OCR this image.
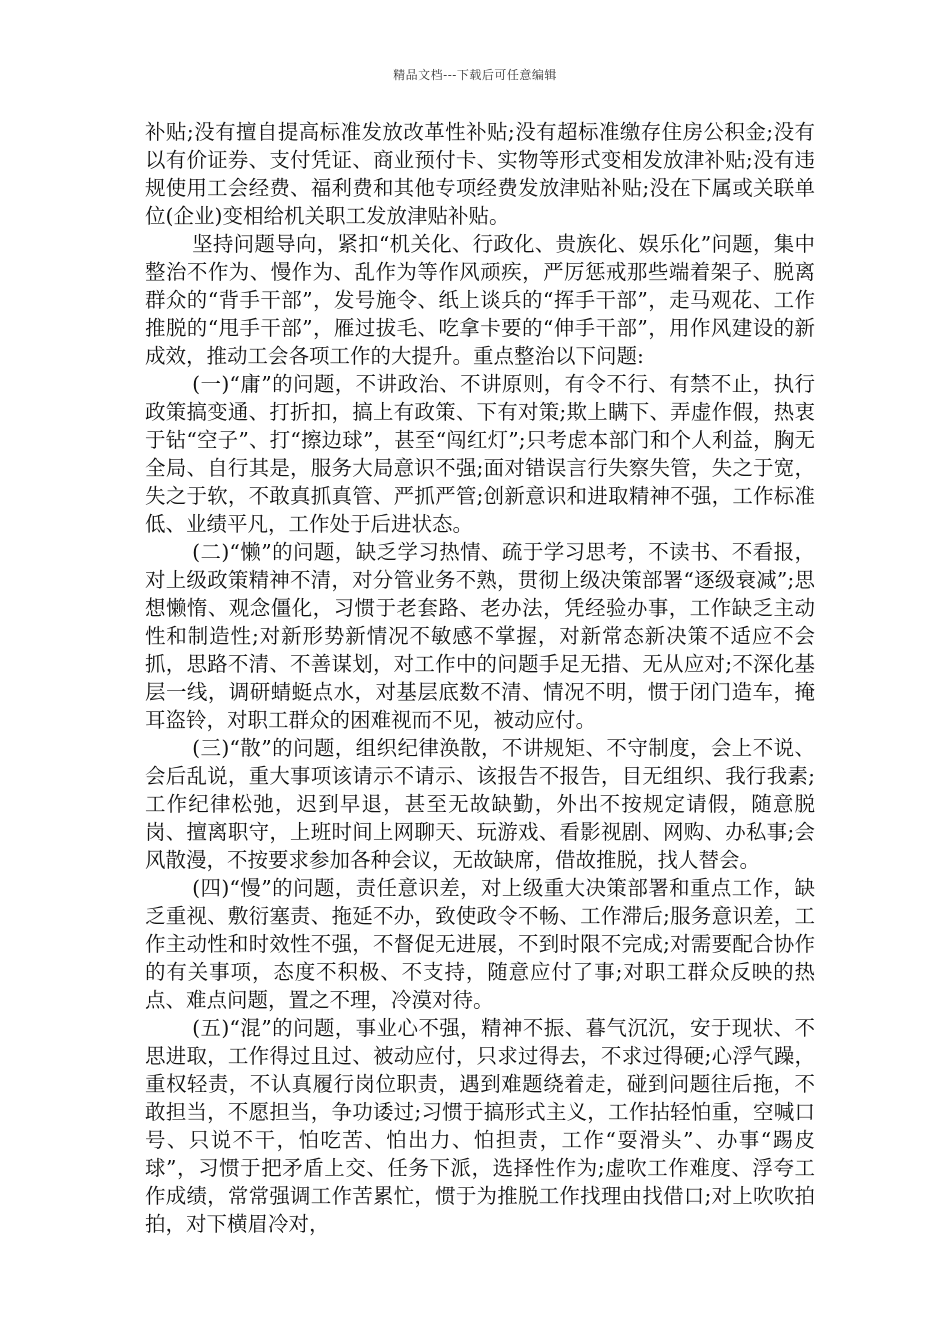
精品文档---下载后可任意编辑

补贴;没有擅自提高标准发放改革性补贴;没有超标准缴存住房公积金;没有以有价证券、支付凭证、商业预付卡、实物等形式变相发放津补贴;没有违规使用工会经费、福利费和其他专项经费发放津贴补贴;没在下属或关联单位(企业)变相给机关职工发放津贴补贴。

坚持问题导向，紧扣“机关化、行政化、贵族化、娱乐化”问题，集中整治不作为、慢作为、乱作为等作风顽疾，严厉惩戒那些端着架子、脱离群众的“背手干部”，发号施令、纸上谈兵的“挥手干部”，走马观花、工作推脱的“甩手干部”，雁过拔毛、吃拿卡要的“伸手干部”，用作风建设的新成效，推动工会各项工作的大提升。重点整治以下问题:

(一)“庸”的问题，不讲政治、不讲原则，有令不行、有禁不止，执行政策搞变通、打折扣，搞上有政策、下有对策;欺上瞒下、弄虚作假，热衷于钻“空子”、打“擦边球”，甚至“闯红灯”;只考虑本部门和个人利益，胸无全局、自行其是，服务大局意识不强;面对错误言行失察失管，失之于宽，失之于软，不敢真抓真管、严抓严管;创新意识和进取精神不强，工作标准低、业绩平凡，工作处于后进状态。

(二)“懒”的问题，缺乏学习热情、疏于学习思考，不读书、不看报，对上级政策精神不清，对分管业务不熟，贯彻上级决策部署“逐级衰减”;思想懒惰、观念僵化，习惯于老套路、老办法，凭经验办事，工作缺乏主动性和制造性;对新形势新情况不敏感不掌握，对新常态新决策不适应不会抓，思路不清、不善谋划，对工作中的问题手足无措、无从应对;不深化基层一线，调研蜻蜓点水，对基层底数不清、情况不明，惯于闭门造车，掩耳盗铃，对职工群众的困难视而不见，被动应付。

(三)“散”的问题，组织纪律涣散，不讲规矩、不守制度，会上不说、会后乱说，重大事项该请示不请示、该报告不报告，目无组织、我行我素;工作纪律松弛，迟到早退，甚至无故缺勤，外出不按规定请假，随意脱岗、擅离职守，上班时间上网聊天、玩游戏、看影视剧、网购、办私事;会风散漫，不按要求参加各种会议，无故缺席，借故推脱，找人替会。

(四)“慢”的问题，责任意识差，对上级重大决策部署和重点工作，缺乏重视、敷衍塞责、拖延不办，致使政令不畅、工作滞后;服务意识差，工作主动性和时效性不强，不督促无进展，不到时限不完成;对需要配合协作的有关事项，态度不积极、不支持，随意应付了事;对职工群众反映的热点、难点问题，置之不理，冷漠对待。

(五)“混”的问题，事业心不强，精神不振、暮气沉沉，安于现状、不思进取，工作得过且过、被动应付，只求过得去，不求过得硬;心浮气躁，重权轻责，不认真履行岗位职责，遇到难题绕着走，碰到问题往后拖，不敢担当，不愿担当，争功诿过;习惯于搞形式主义，工作拈轻怕重，空喊口号、只说不干，怕吃苦、怕出力、怕担责，工作“耍滑头”、办事“踢皮球”，习惯于把矛盾上交、任务下派，选择性作为;虚吹工作难度、浮夸工作成绩，常常强调工作苦累忙，惯于为推脱工作找理由找借口;对上吹吹拍拍，对下横眉冷对，
